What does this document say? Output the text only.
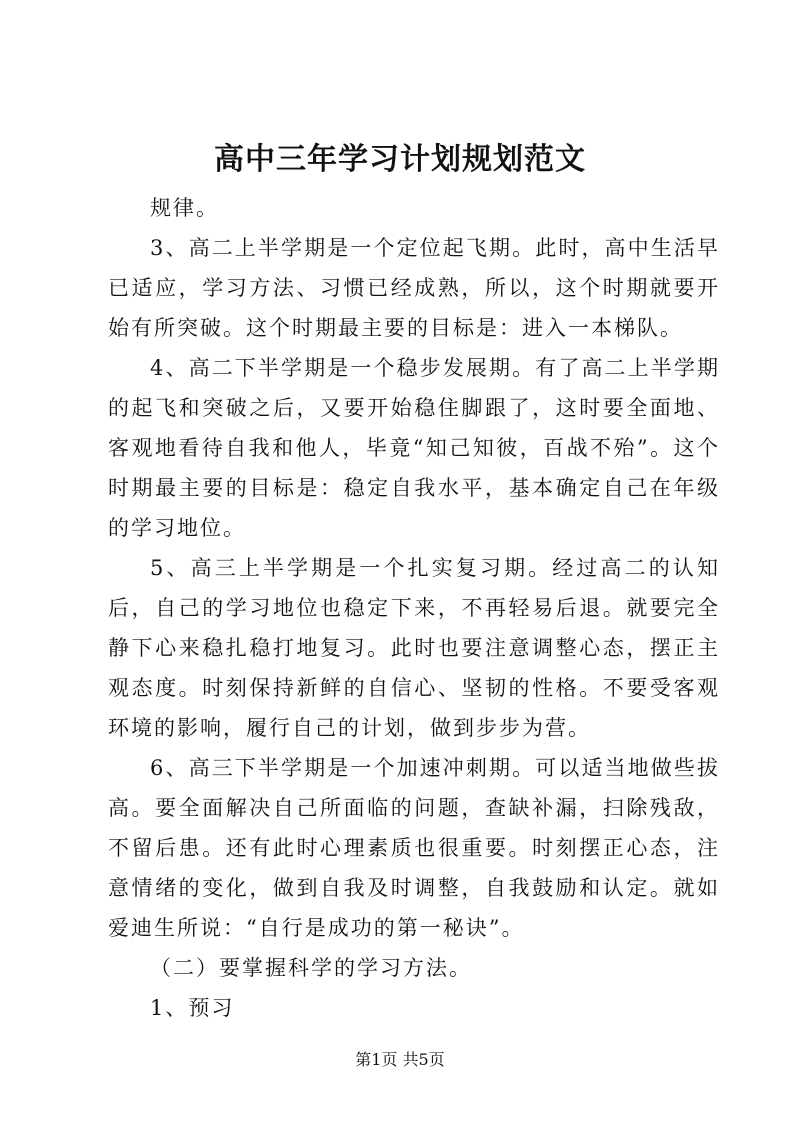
高中三年学习计划规划范文

规律。

3、高二上半学期是一个定位起飞期。此时，高中生活早已适应，学习方法、习惯已经成熟，所以，这个时期就要开始有所突破。这个时期最主要的目标是：进入一本梯队。

4、高二下半学期是一个稳步发展期。有了高二上半学期的起飞和突破之后，又要开始稳住脚跟了，这时要全面地、客观地看待自我和他人，毕竟“知己知彼，百战不殆”。这个时期最主要的目标是：稳定自我水平，基本确定自己在年级的学习地位。

5、高三上半学期是一个扎实复习期。经过高二的认知后，自己的学习地位也稳定下来，不再轻易后退。就要完全静下心来稳扎稳打地复习。此时也要注意调整心态，摆正主观态度。时刻保持新鲜的自信心、坚韧的性格。不要受客观环境的影响，履行自己的计划，做到步步为营。

6、高三下半学期是一个加速冲刺期。可以适当地做些拔高。要全面解决自己所面临的问题，查缺补漏，扫除残敌，不留后患。还有此时心理素质也很重要。时刻摆正心态，注意情绪的变化，做到自我及时调整，自我鼓励和认定。就如爱迪生所说：“自行是成功的第一秘诀”。

（二）要掌握科学的学习方法。

1、预习

第1页 共5页
